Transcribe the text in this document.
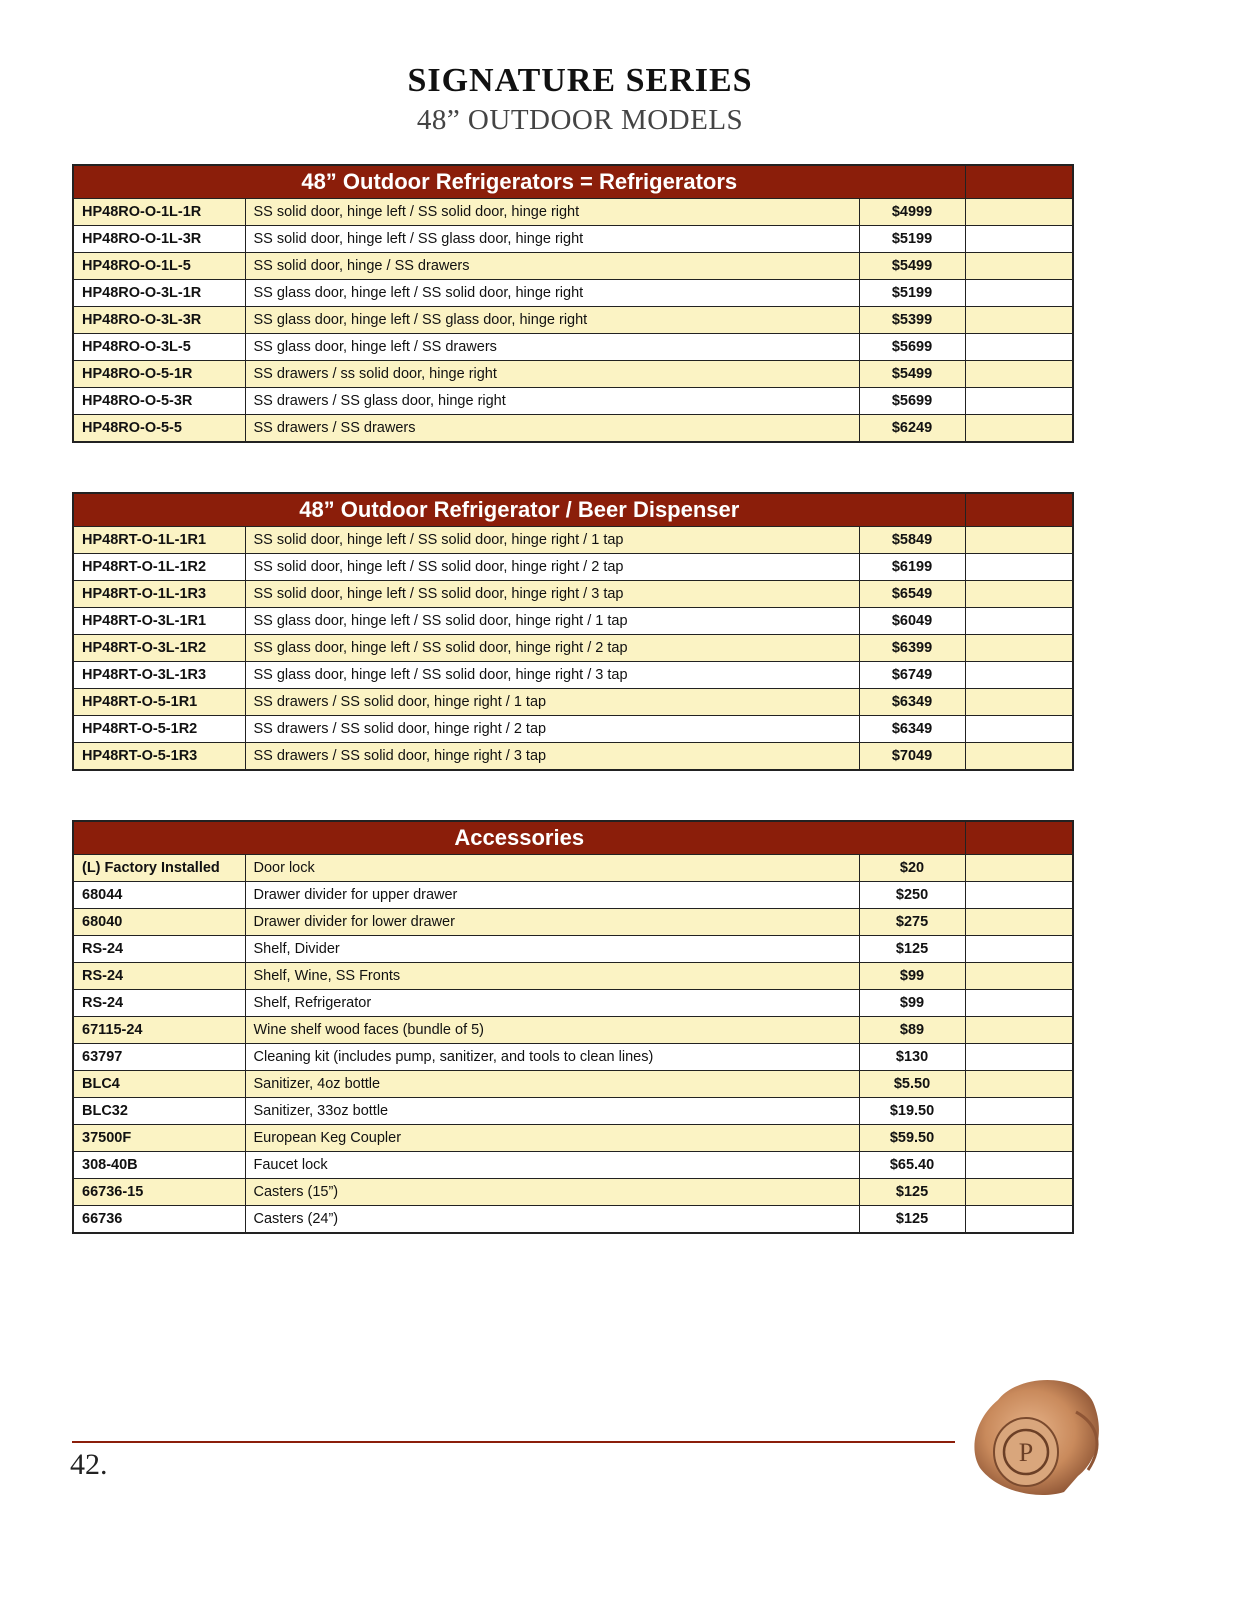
SIGNATURE SERIES
48” OUTDOOR MODELS
48” Outdoor Refrigerators = Refrigerators			
HP48RO-O-1L-1R	SS solid door, hinge left / SS solid door, hinge right	$4999	
HP48RO-O-1L-3R	SS solid door, hinge left / SS glass door, hinge right	$5199	
HP48RO-O-1L-5	SS solid door, hinge / SS drawers	$5499	
HP48RO-O-3L-1R	SS glass door, hinge left / SS solid door, hinge right	$5199	
HP48RO-O-3L-3R	SS glass door, hinge left / SS glass door, hinge right	$5399	
HP48RO-O-3L-5	SS glass door, hinge left / SS drawers	$5699	
HP48RO-O-5-1R	SS drawers / ss solid door, hinge right	$5499	
HP48RO-O-5-3R	SS drawers / SS glass door, hinge right	$5699	
HP48RO-O-5-5	SS drawers / SS drawers	$6249	
48” Outdoor Refrigerator / Beer Dispenser			
HP48RT-O-1L-1R1	SS solid door, hinge left / SS solid door, hinge right / 1 tap	$5849	
HP48RT-O-1L-1R2	SS solid door, hinge left / SS solid door, hinge right / 2 tap	$6199	
HP48RT-O-1L-1R3	SS solid door, hinge left / SS solid door, hinge right / 3 tap	$6549	
HP48RT-O-3L-1R1	SS glass door, hinge left / SS solid door, hinge right / 1 tap	$6049	
HP48RT-O-3L-1R2	SS glass door, hinge left / SS solid door, hinge right / 2 tap	$6399	
HP48RT-O-3L-1R3	SS glass door, hinge left / SS solid door, hinge right / 3 tap	$6749	
HP48RT-O-5-1R1	SS drawers / SS solid door, hinge right / 1 tap	$6349	
HP48RT-O-5-1R2	SS drawers / SS solid door, hinge right / 2 tap	$6349	
HP48RT-O-5-1R3	SS drawers / SS solid door, hinge right / 3 tap	$7049	
Accessories			
(L) Factory Installed	Door lock	$20	
68044	Drawer divider for upper drawer	$250	
68040	Drawer divider for lower drawer	$275	
RS-24	Shelf, Divider	$125	
RS-24	Shelf, Wine, SS Fronts	$99	
RS-24	Shelf, Refrigerator	$99	
67115-24	Wine shelf wood faces (bundle of 5)	$89	
63797	Cleaning kit (includes pump, sanitizer, and tools to clean lines)	$130	
BLC4	Sanitizer, 4oz bottle	$5.50	
BLC32	Sanitizer, 33oz bottle	$19.50	
37500F	European Keg Coupler	$59.50	
308-40B	Faucet lock	$65.40	
66736-15	Casters (15”)	$125	
66736	Casters (24”)	$125	
42.	P
